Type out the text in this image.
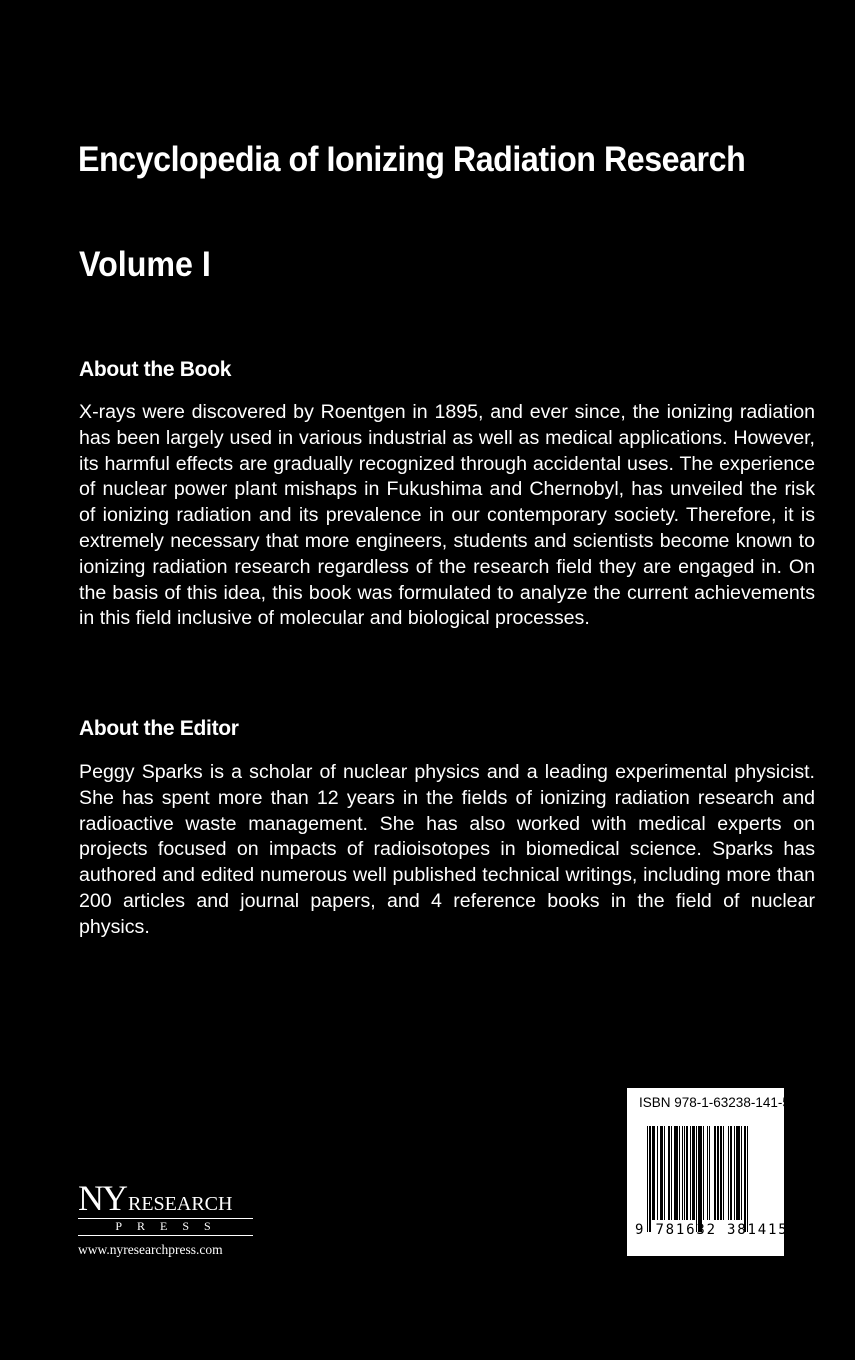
Encyclopedia of Ionizing Radiation Research
Volume I
About the Book
X-rays were discovered by Roentgen in 1895, and ever since, the ionizing radiation has been largely used in various industrial as well as medical applications. However, its harmful effects are gradually recognized through accidental uses. The experience of nuclear power plant mishaps in Fukushima and Chernobyl, has unveiled the risk of ionizing radiation and its prevalence in our contemporary society. Therefore, it is extremely necessary that more engineers, students and scientists become known to ionizing radiation research regardless of the research field they are engaged in. On the basis of this idea, this book was formulated to analyze the current achievements in this field inclusive of molecular and biological processes.
About the Editor
Peggy Sparks is a scholar of nuclear physics and a leading experimental physicist. She has spent more than 12 years in the fields of ionizing radiation research and radioactive waste management. She has also worked with medical experts on projects focused on impacts of radioisotopes in biomedical science. Sparks has authored and edited numerous well published technical writings, including more than 200 articles and journal papers, and 4 reference books in the field of nuclear physics.
NY RESEARCH
PRESS
www.nyresearchpress.com
ISBN 978-1-63238-141-5
9 781632 381415
